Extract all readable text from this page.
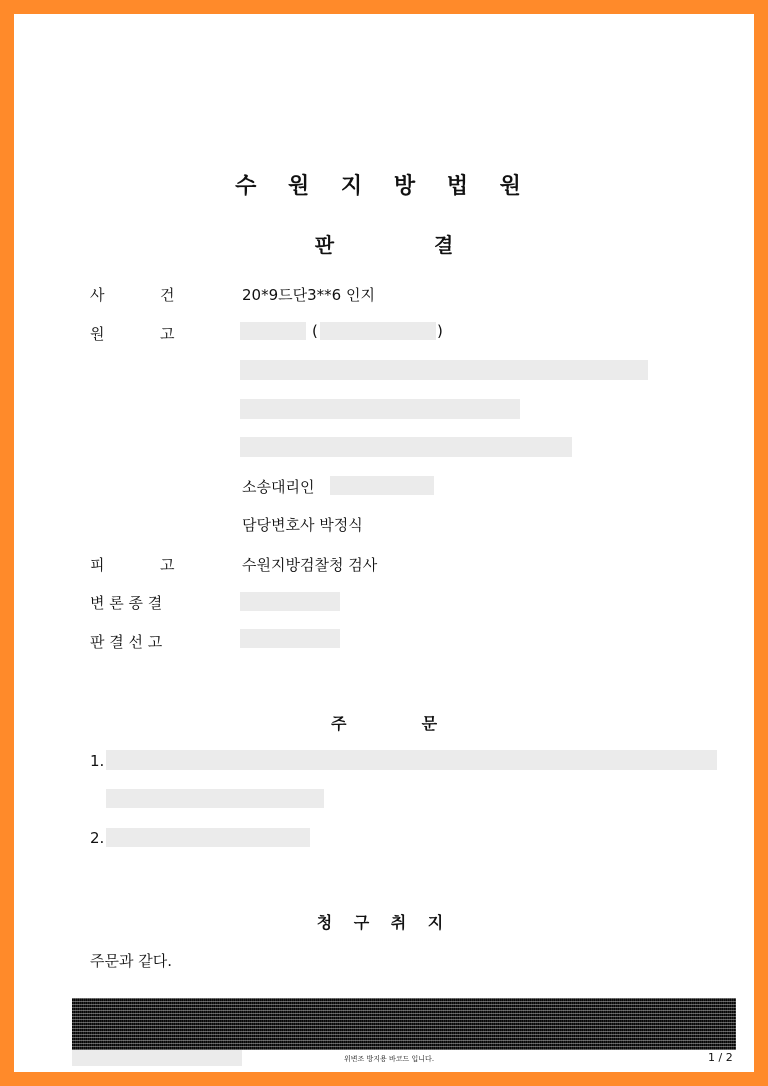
수 원 지 방 법 원
판	결
사	건	20*9드단3**6 인지
원	고	(	)
소송대리인
담당변호사 박정식
피	고	수원지방검찰청 검사
변 론 종 결
판 결 선 고
주	문
1.
2.
청 구 취 지
주문과 같다.
위변조 방지용 바코드 입니다.	1 / 2
